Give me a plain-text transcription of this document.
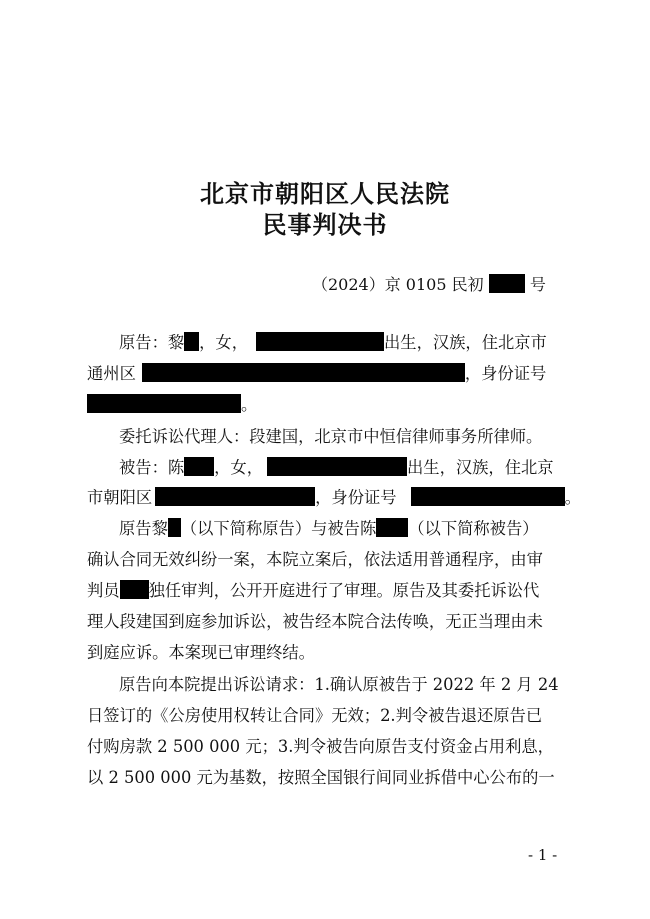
北京市朝阳区人民法院
民事判决书
（2024）京 0105 民初	号
原告：黎 ，女，	出生，汉族，住北京市
通州区	，身份证号
。
委托诉讼代理人：段建国，北京市中恒信律师事务所律师。
被告：陈 ，女，	出生，汉族，住北京
市朝阳区	，身份证号	。
原告黎 （以下简称原告）与被告陈 （以下简称被告）
确认合同无效纠纷一案，本院立案后，依法适用普通程序，由审
判员 独任审判，公开开庭进行了审理。原告及其委托诉讼代
理人段建国到庭参加诉讼，被告经本院合法传唤，无正当理由未
到庭应诉。本案现已审理终结。
原告向本院提出诉讼请求：1.确认原被告于 2022 年 2 月 24
日签订的《公房使用权转让合同》无效；2.判令被告退还原告已
付购房款 2 500 000 元；3.判令被告向原告支付资金占用利息，
以 2 500 000 元为基数，按照全国银行间同业拆借中心公布的一
- 1 -
